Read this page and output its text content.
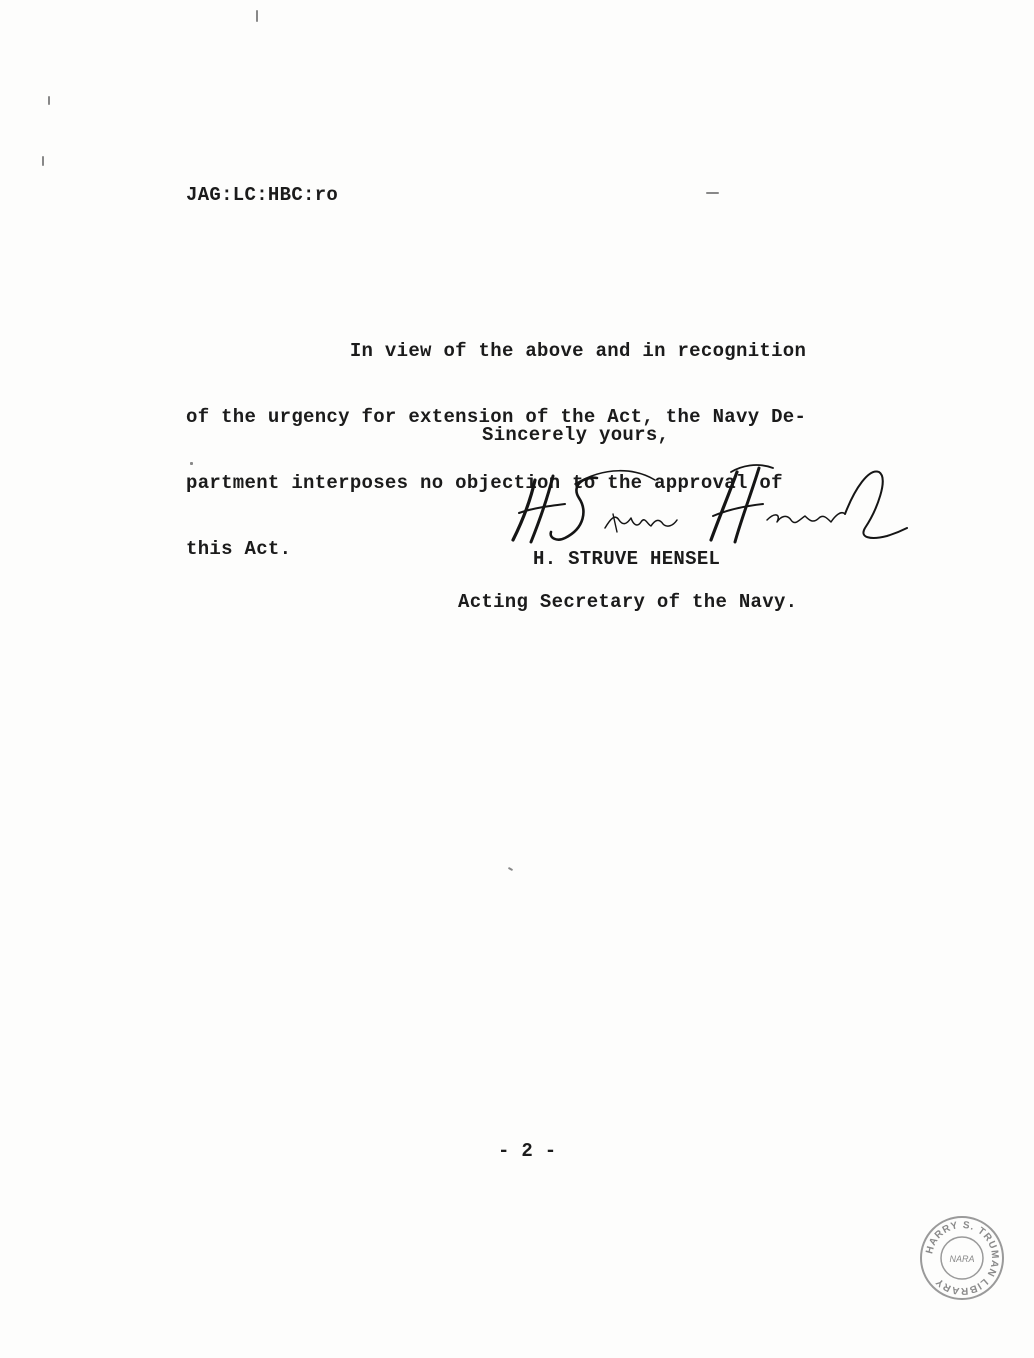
JAG:LC:HBC:ro

In view of the above and in recognition

of the urgency for extension of the Act, the Navy De-

partment interposes no objection to the approval of

this Act.

Sincerely yours,
H. STRUVE HENSEL
Acting Secretary of the Navy.
- 2 -
HARRY S. TRUMAN LIBRARY
NARA
